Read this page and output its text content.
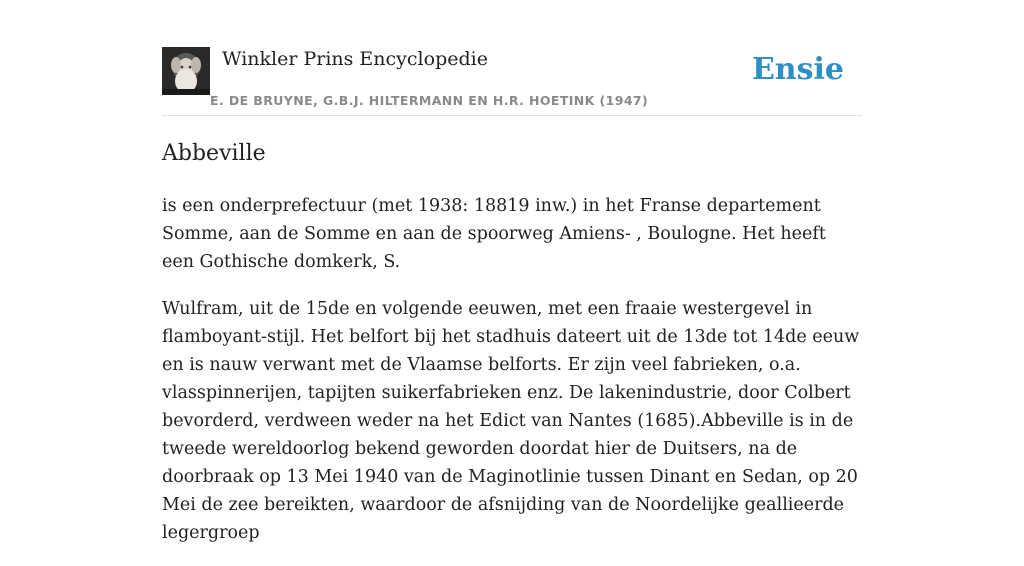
Winkler Prins Encyclopedie
E. DE BRUYNE, G.B.J. HILTERMANN EN H.R. HOETINK (1947)
Ensie
Abbeville

is een onderprefectuur (met 1938: 18819 inw.) in het Franse departement Somme, aan de Somme en aan de spoorweg Amiens- , Boulogne. Het heeft een Gothische domkerk, S.

Wulfram, uit de 15de en volgende eeuwen, met een fraaie westergevel in flamboyant-stijl. Het belfort bij het stadhuis dateert uit de 13de tot 14de eeuw en is nauw verwant met de Vlaamse belforts. Er zijn veel fabrieken, o.a. vlasspinnerijen, tapijten suikerfabrieken enz. De lakenindustrie, door Colbert bevorderd, verdween weder na het Edict van Nantes (1685).Abbeville is in de tweede wereldoorlog bekend geworden doordat hier de Duitsers, na de doorbraak op 13 Mei 1940 van de Maginotlinie tussen Dinant en Sedan, op 20 Mei de zee bereikten, waardoor de afsnijding van de Noordelijke geallieerde legergroep
